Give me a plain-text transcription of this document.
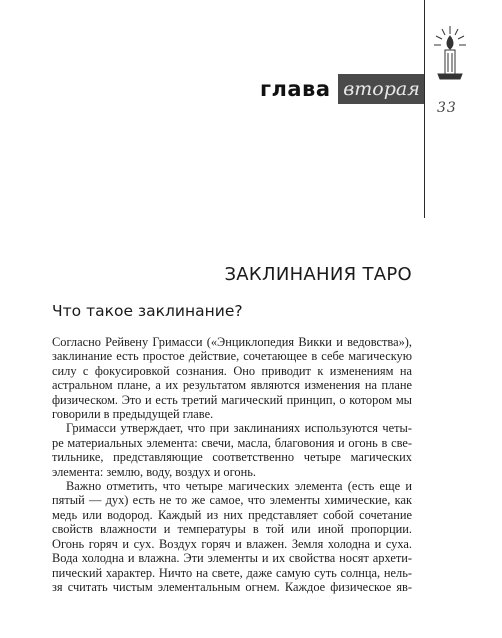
глава вторая
33
ЗАКЛИНАНИЯ ТАРО
Что такое заклинание?

Согласно Рейвену Гримасси («Энциклопедия Викки и ведовства»),
заклинание есть простое действие, сочетающее в себе магическую
силу с фокусировкой сознания. Оно приводит к изменениям на
астральном плане, а их результатом являются изменения на плане
физическом. Это и есть третий магический принцип, о котором мы
говорили в предыдущей главе.

Гримасси утверждает, что при заклинаниях используются четы-
ре материальных элемента: свечи, масла, благовония и огонь в све-
тильнике, представляющие соответственно четыре магических
элемента: землю, воду, воздух и огонь.

Важно отметить, что четыре магических элемента (есть еще и
пятый — дух) есть не то же самое, что элементы химические, как
медь или водород. Каждый из них представляет собой сочетание
свойств влажности и температуры в той или иной пропорции.
Огонь горяч и сух. Воздух горяч и влажен. Земля холодна и суха.
Вода холодна и влажна. Эти элементы и их свойства носят архети-
пический характер. Ничто на свете, даже самую суть солнца, нель-
зя считать чистым элементальным огнем. Каждое физическое яв-
